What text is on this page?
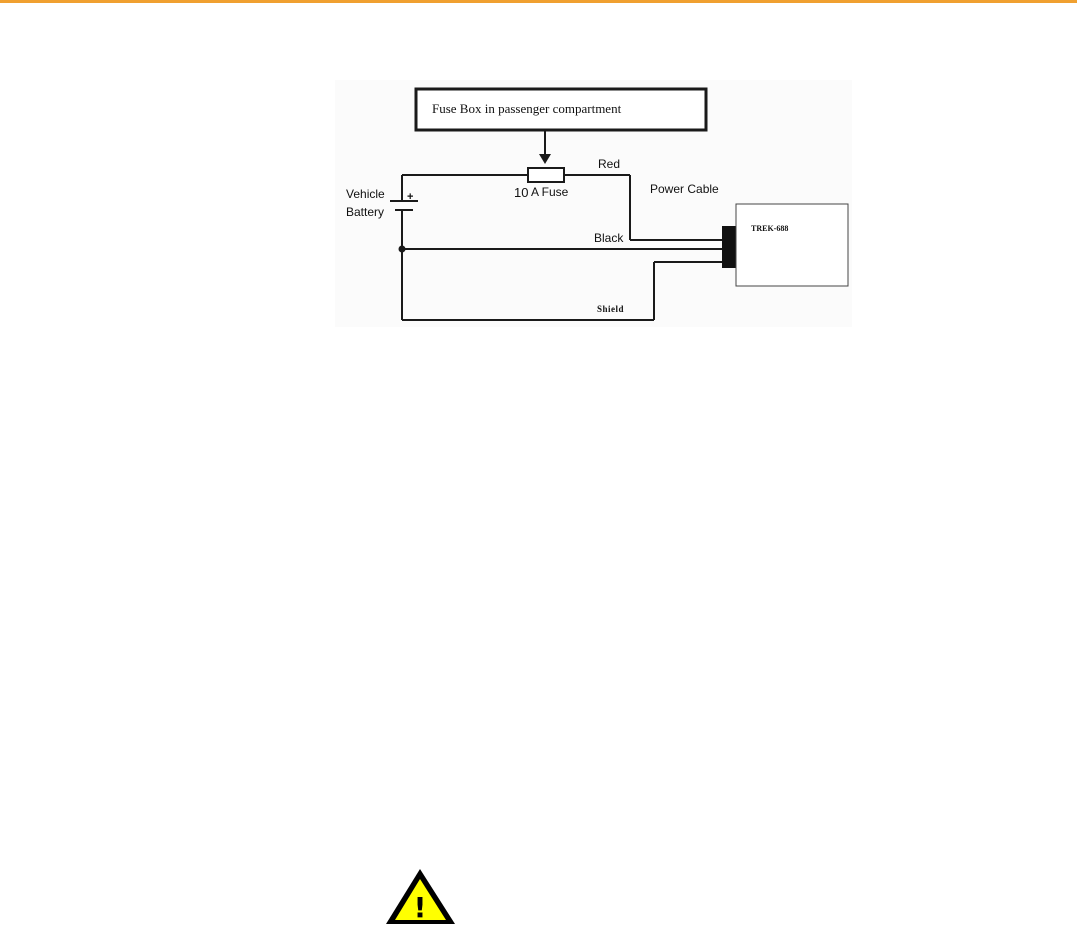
Fuse Box in passenger compartment
Red
10 A Fuse	Power Cable
Vehicle
Battery
+
Black
TREK-688
Shield
!
